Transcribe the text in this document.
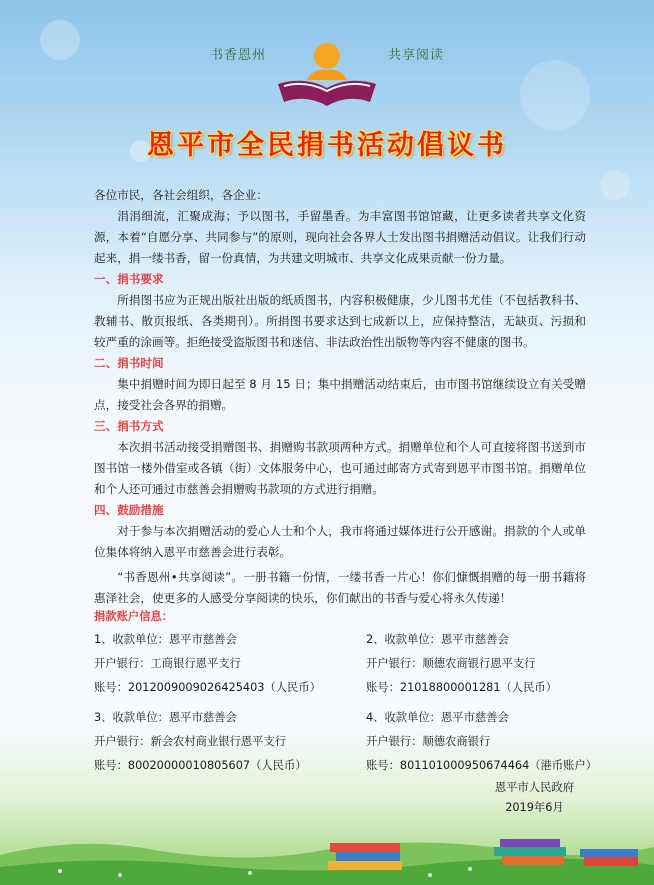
书香恩州	共享阅读
恩平市全民捐书活动倡议书

各位市民，各社会组织，各企业：

涓涓细流，汇聚成海；予以图书，手留墨香。为丰富图书馆馆藏，让更多读者共享文化资源，本着“自愿分享、共同参与”的原则，现向社会各界人士发出图书捐赠活动倡议。让我们行动起来，捐一缕书香，留一份真情，为共建文明城市、共享文化成果贡献一份力量。

一、捐书要求

所捐图书应为正规出版社出版的纸质图书，内容积极健康，少儿图书尤佳（不包括教科书、教辅书、散页报纸、各类期刊）。所捐图书要求达到七成新以上，应保持整洁，无缺页、污损和较严重的涂画等。拒绝接受盗版图书和迷信、非法政治性出版物等内容不健康的图书。

二、捐书时间

集中捐赠时间为即日起至 8 月 15 日；集中捐赠活动结束后，由市图书馆继续设立有关受赠点，接受社会各界的捐赠。

三、捐书方式

本次捐书活动接受捐赠图书、捐赠购书款项两种方式。捐赠单位和个人可直接将图书送到市图书馆一楼外借室或各镇（街）文体服务中心，也可通过邮寄方式寄到恩平市图书馆。捐赠单位和个人还可通过市慈善会捐赠购书款项的方式进行捐赠。

四、鼓励措施

对于参与本次捐赠活动的爱心人士和个人，我市将通过媒体进行公开感谢。捐款的个人或单位集体将纳入恩平市慈善会进行表彰。

“书香恩州•共享阅读”。一册书籍一份情，一缕书香一片心！你们慷慨捐赠的每一册书籍将惠泽社会，使更多的人感受分享阅读的快乐，你们献出的书香与爱心将永久传递！

捐款账户信息：
1、收款单位：恩平市慈善会
开户银行：工商银行恩平支行
账号：2012009009026425403（人民币）
2、收款单位：恩平市慈善会
开户银行：顺德农商银行恩平支行
账号：21018800001281（人民币）
3、收款单位：恩平市慈善会
开户银行：新会农村商业银行恩平支行
账号：80020000010805607（人民币）
4、收款单位：恩平市慈善会
开户银行：顺德农商银行
账号：801101000950674464（港币账户）
恩平市人民政府
2019年6月
